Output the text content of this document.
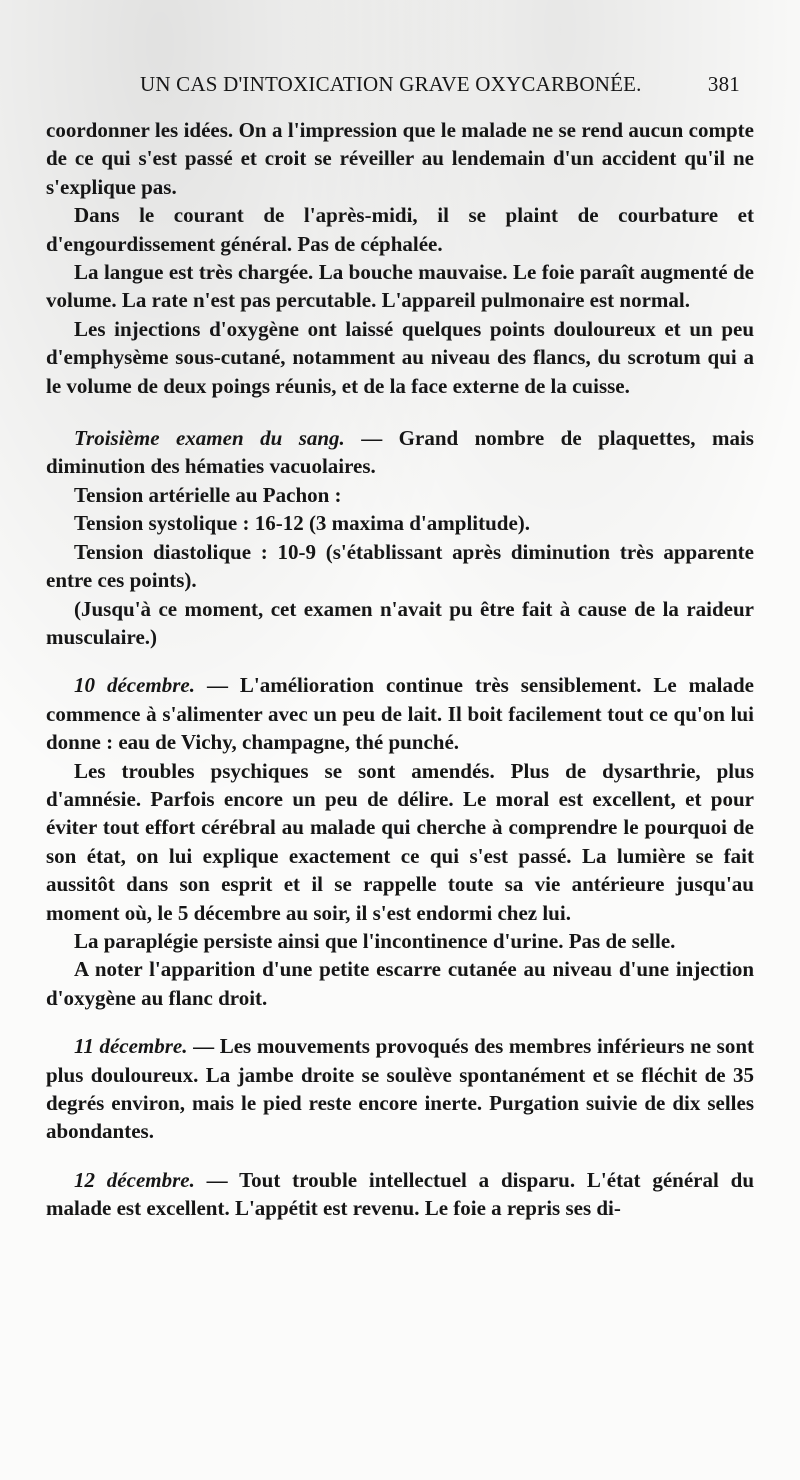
UN CAS D'INTOXICATION GRAVE OXYCARBONÉE.	381

coordonner les idées. On a l'impression que le malade ne se rend aucun compte de ce qui s'est passé et croit se réveiller au lendemain d'un accident qu'il ne s'explique pas.

Dans le courant de l'après-midi, il se plaint de courbature et d'engourdissement général. Pas de céphalée.

La langue est très chargée. La bouche mauvaise. Le foie paraît augmenté de volume. La rate n'est pas percutable. L'appareil pulmonaire est normal.

Les injections d'oxygène ont laissé quelques points douloureux et un peu d'emphysème sous-cutané, notamment au niveau des flancs, du scrotum qui a le volume de deux poings réunis, et de la face externe de la cuisse.

Troisième examen du sang. — Grand nombre de plaquettes, mais diminution des hématies vacuolaires.

Tension artérielle au Pachon :

Tension systolique : 16-12 (3 maxima d'amplitude).

Tension diastolique : 10-9 (s'établissant après diminution très apparente entre ces points).

(Jusqu'à ce moment, cet examen n'avait pu être fait à cause de la raideur musculaire.)

10 décembre. — L'amélioration continue très sensiblement. Le malade commence à s'alimenter avec un peu de lait. Il boit facilement tout ce qu'on lui donne : eau de Vichy, champagne, thé punché.

Les troubles psychiques se sont amendés. Plus de dysarthrie, plus d'amnésie. Parfois encore un peu de délire. Le moral est excellent, et pour éviter tout effort cérébral au malade qui cherche à comprendre le pourquoi de son état, on lui explique exactement ce qui s'est passé. La lumière se fait aussitôt dans son esprit et il se rappelle toute sa vie antérieure jusqu'au moment où, le 5 décembre au soir, il s'est endormi chez lui.

La paraplégie persiste ainsi que l'incontinence d'urine. Pas de selle.

A noter l'apparition d'une petite escarre cutanée au niveau d'une injection d'oxygène au flanc droit.

11 décembre. — Les mouvements provoqués des membres inférieurs ne sont plus douloureux. La jambe droite se soulève spontanément et se fléchit de 35 degrés environ, mais le pied reste encore inerte. Purgation suivie de dix selles abondantes.

12 décembre. — Tout trouble intellectuel a disparu. L'état général du malade est excellent. L'appétit est revenu. Le foie a repris ses di-
